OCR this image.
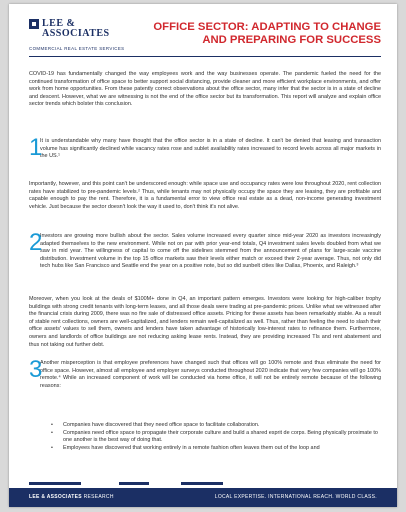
LEE &
ASSOCIATES
COMMERCIAL REAL ESTATE SERVICES
OFFICE SECTOR: ADAPTING TO CHANGE
AND PREPARING FOR SUCCESS
COVID-19 has fundamentally changed the way employees work and the way businesses operate. The pandemic fueled the need for the continued transformation of office space to better support social distancing, provide cleaner and more efficient workplace environments, and offer work from home opportunities. From these patently correct observations about the office sector, many infer that the sector is in a state of decline and descent. However, what we are witnessing is not the end of the office sector but its transformation. This report will analyze and explain office sector trends which bolster this conclusion.
1
It is understandable why many have thought that the office sector is in a state of decline. It can't be denied that leasing and transaction volume has significantly declined while vacancy rates rose and sublet availability rates increased to record levels across all major markets in the US.¹
Importantly, however, and this point can't be underscored enough: while space use and occupancy rates were low throughout 2020, rent collection rates have stabilized to pre-pandemic levels.² Thus, while tenants may not physically occupy the space they are leasing, they are profitable and capable enough to pay the rent. Therefore, it is a fundamental error to view office real estate as a dead, non-income generating investment vehicle. Just because the sector doesn't look the way it used to, don't think it's not alive.
2
Investors are growing more bullish about the sector. Sales volume increased every quarter since mid-year 2020 as investors increasingly adapted themselves to the new environment. While not on par with prior year-end totals, Q4 investment sales levels doubled from what we saw in mid year. The willingness of capital to come off the sidelines stemmed from the announcement of plans for large-scale vaccine distribution. Investment volume in the top 15 office markets saw their levels either match or exceed their 2-year average. Thus, not only did tech hubs like San Francisco and Seattle end the year on a positive note, but so did sunbelt cities like Dallas, Phoenix, and Raleigh.³
Moreover, when you look at the deals of $100M+ done in Q4, an important pattern emerges. Investors were looking for high-caliber trophy buildings with strong credit tenants with long-term leases, and all those deals were trading at pre-pandemic prices. Unlike what we witnessed after the financial crisis during 2009, there was no fire sale of distressed office assets. Pricing for these assets has been remarkably stable. As a result of stable rent collections, owners are well-capitalized, and lenders remain well-capitalized as well. Thus, rather than feeling the need to slash their office assets' values to sell them, owners and lenders have taken advantage of historically low-interest rates to refinance them. Furthermore, owners and landlords of office buildings are not reducing asking lease rents. Instead, they are providing increased TIs and rent abatement and thus not taking out further debt.
3
Another misperception is that employee preferences have changed such that offices will go 100% remote and thus eliminate the need for office space. However, almost all employee and employer surveys conducted throughout 2020 indicate that very few companies will go 100% remote.⁴ While an increased component of work will be conducted via home office, it will not be entirely remote because of the following reasons:
• Companies have discovered that they need office space to facilitate collaboration.
• Companies need office space to propagate their corporate culture and build a shared esprit de corps. Being physically proximate to one another is the best way of doing that.
• Employees have discovered that working entirely in a remote fashion often leaves them out of the loop and
LEE & ASSOCIATES RESEARCH	LOCAL EXPERTISE. INTERNATIONAL REACH. WORLD CLASS.
